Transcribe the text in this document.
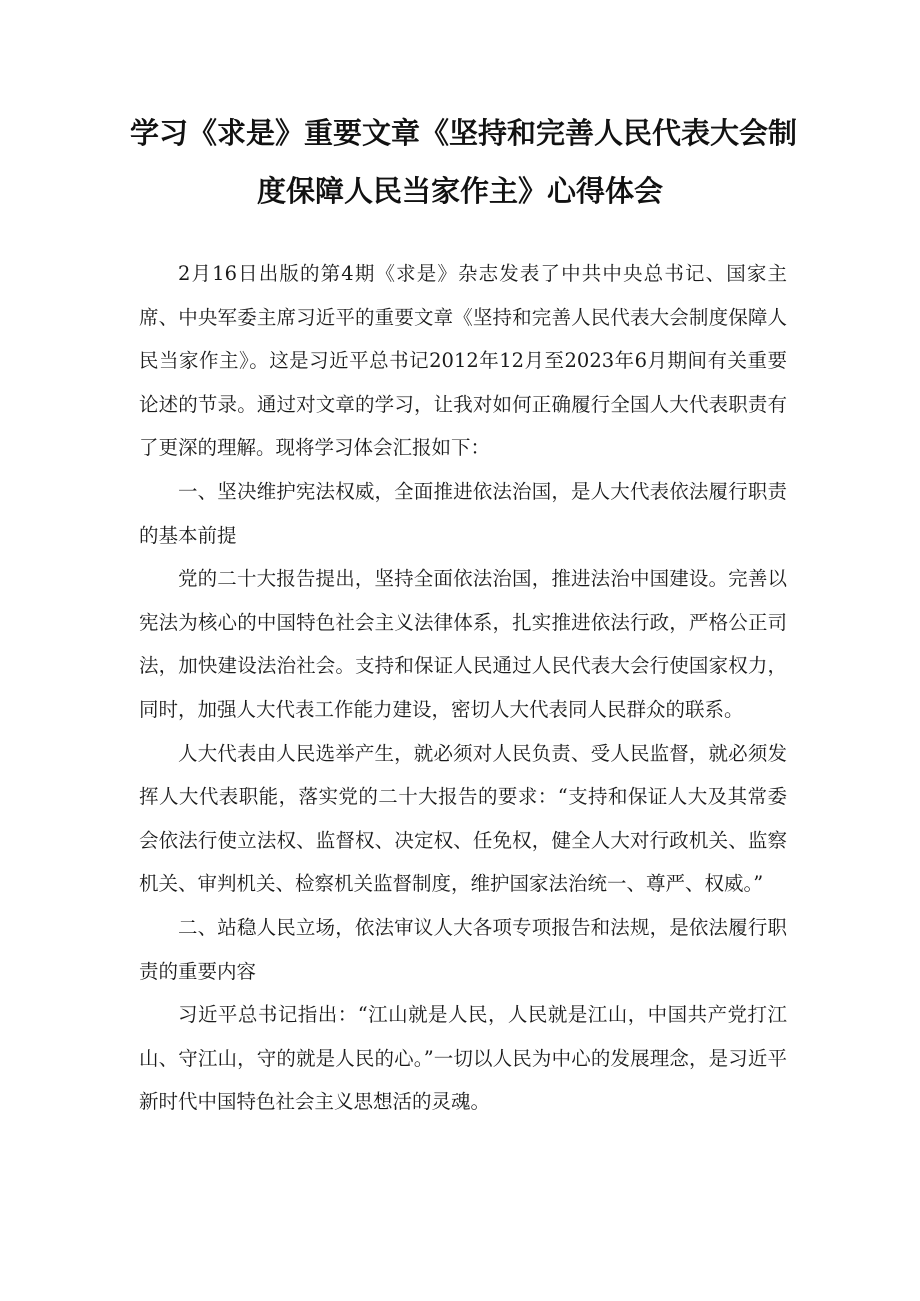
学习《求是》重要文章《坚持和完善人民代表大会制
度保障人民当家作主》心得体会

2月16日出版的第4期《求是》杂志发表了中共中央总书记、国家主席、中央军委主席习近平的重要文章《坚持和完善人民代表大会制度保障人民当家作主》。这是习近平总书记2012年12月至2023年6月期间有关重要论述的节录。通过对文章的学习，让我对如何正确履行全国人大代表职责有了更深的理解。现将学习体会汇报如下：

一、坚决维护宪法权威，全面推进依法治国，是人大代表依法履行职责的基本前提

党的二十大报告提出，坚持全面依法治国，推进法治中国建设。完善以宪法为核心的中国特色社会主义法律体系，扎实推进依法行政，严格公正司法，加快建设法治社会。支持和保证人民通过人民代表大会行使国家权力，同时，加强人大代表工作能力建设，密切人大代表同人民群众的联系。

人大代表由人民选举产生，就必须对人民负责、受人民监督，就必须发挥人大代表职能，落实党的二十大报告的要求：“支持和保证人大及其常委会依法行使立法权、监督权、决定权、任免权，健全人大对行政机关、监察机关、审判机关、检察机关监督制度，维护国家法治统一、尊严、权威。”

二、站稳人民立场，依法审议人大各项专项报告和法规，是依法履行职责的重要内容

习近平总书记指出：“江山就是人民，人民就是江山，中国共产党打江山、守江山，守的就是人民的心。”一切以人民为中心的发展理念，是习近平新时代中国特色社会主义思想活的灵魂。
